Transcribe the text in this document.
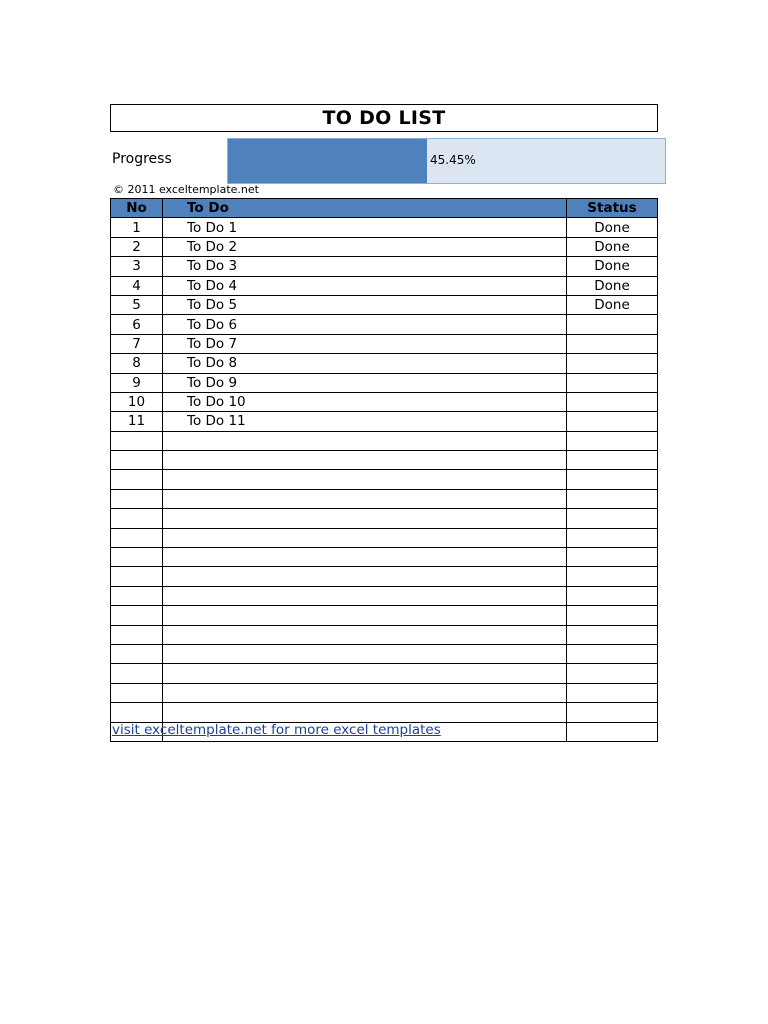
TO DO LIST
Progress	45.45%
© 2011 exceltemplate.net
No	To Do	Status
1	To Do 1	Done
2	To Do 2	Done
3	To Do 3	Done
4	To Do 4	Done
5	To Do 5	Done
6	To Do 6	
7	To Do 7	
8	To Do 8	
9	To Do 9	
10	To Do 10	
11	To Do 11	

visit exceltemplate.net for more excel templates
